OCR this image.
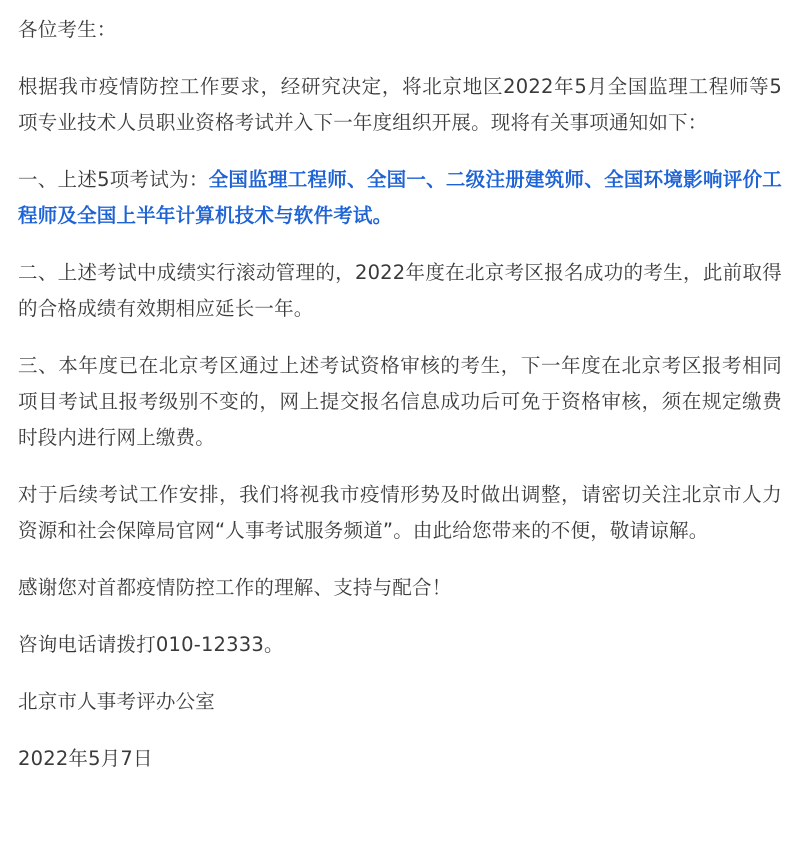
各位考生：

根据我市疫情防控工作要求，经研究决定，将北京地区2022年5月全国监理工程师等5项专业技术人员职业资格考试并入下一年度组织开展。现将有关事项通知如下：

一、上述5项考试为：全国监理工程师、全国一、二级注册建筑师、全国环境影响评价工程师及全国上半年计算机技术与软件考试。

二、上述考试中成绩实行滚动管理的，2022年度在北京考区报名成功的考生，此前取得的合格成绩有效期相应延长一年。

三、本年度已在北京考区通过上述考试资格审核的考生，下一年度在北京考区报考相同项目考试且报考级别不变的，网上提交报名信息成功后可免于资格审核，须在规定缴费时段内进行网上缴费。

对于后续考试工作安排，我们将视我市疫情形势及时做出调整，请密切关注北京市人力资源和社会保障局官网“人事考试服务频道”。由此给您带来的不便，敬请谅解。

感谢您对首都疫情防控工作的理解、支持与配合！

咨询电话请拨打010-12333。

北京市人事考评办公室

2022年5月7日
